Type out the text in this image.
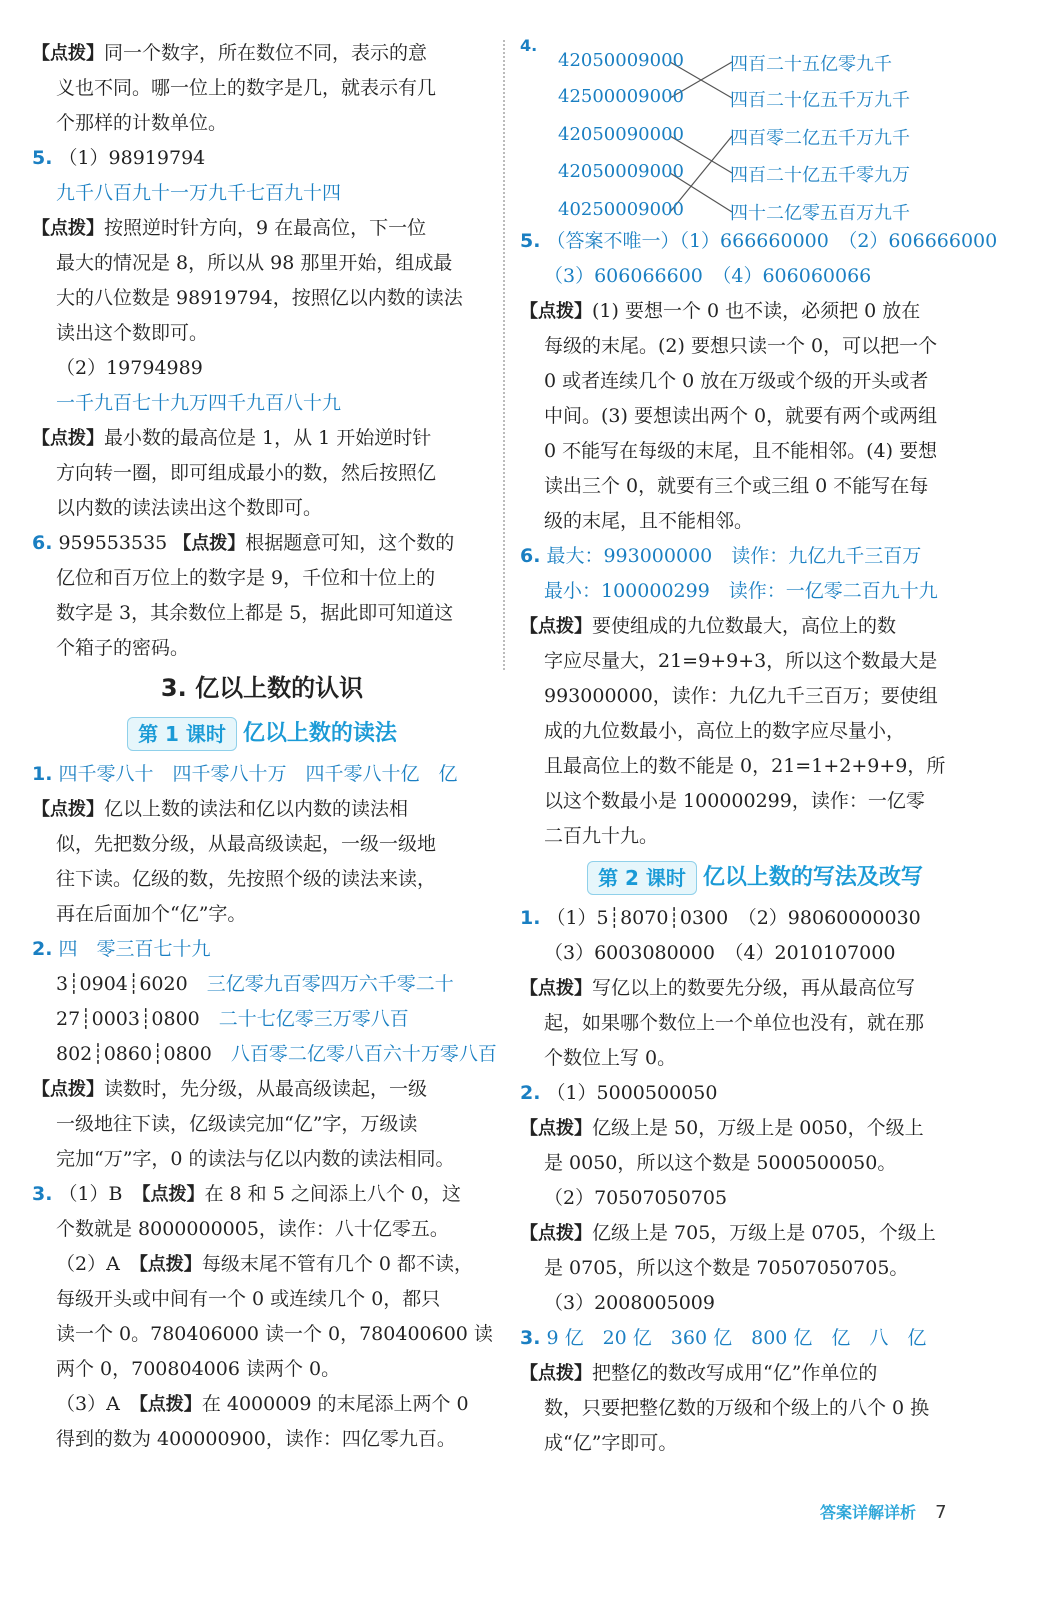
【点拨】同一个数字，所在数位不同，表示的意
义也不同。哪一位上的数字是几，就表示有几
个那样的计数单位。
5. （1）98919794
九千八百九十一万九千七百九十四
【点拨】按照逆时针方向，9 在最高位，下一位
最大的情况是 8，所以从 98 那里开始，组成最
大的八位数是 98919794，按照亿以内数的读法
读出这个数即可。
（2）19794989
一千九百七十九万四千九百八十九
【点拨】最小数的最高位是 1，从 1 开始逆时针
方向转一圈，即可组成最小的数，然后按照亿
以内数的读法读出这个数即可。
6. 959553535 【点拨】根据题意可知，这个数的
亿位和百万位上的数字是 9，千位和十位上的
数字是 3，其余数位上都是 5，据此即可知道这
个箱子的密码。
3. 亿以上数的认识
第 1 课时 亿以上数的读法
1. 四千零八十　四千零八十万　四千零八十亿　亿
【点拨】亿以上数的读法和亿以内数的读法相
似，先把数分级，从最高级读起，一级一级地
往下读。亿级的数，先按照个级的读法来读，
再在后面加个“亿”字。
2. 四　零三百七十九
3┊0904┊6020　三亿零九百零四万六千零二十
27┊0003┊0800　二十七亿零三万零八百
802┊0860┊0800　八百零二亿零八百六十万零八百
【点拨】读数时，先分级，从最高级读起，一级
一级地往下读，亿级读完加“亿”字，万级读
完加“万”字，0 的读法与亿以内数的读法相同。
3. （1）B　【点拨】在 8 和 5 之间添上八个 0，这
个数就是 8000000005，读作：八十亿零五。
（2）A　【点拨】每级末尾不管有几个 0 都不读，
每级开头或中间有一个 0 或连续几个 0，都只
读一个 0。780406000 读一个 0，780400600 读
两个 0，700804006 读两个 0。
（3）A　【点拨】在 4000009 的末尾添上两个 0
得到的数为 400000900，读作：四亿零九百。
4.
42050009000
42500009000
42050090000
42050009000
40250009000
四百二十五亿零九千
四百二十亿五千万九千
四百零二亿五千万九千
四百二十亿五千零九万
四十二亿零五百万九千
5. （答案不唯一）（1）666660000　（2）606666000
（3）606066600　（4）606060066
【点拨】(1) 要想一个 0 也不读，必须把 0 放在
每级的末尾。(2) 要想只读一个 0，可以把一个
0 或者连续几个 0 放在万级或个级的开头或者
中间。(3) 要想读出两个 0，就要有两个或两组
0 不能写在每级的末尾，且不能相邻。(4) 要想
读出三个 0，就要有三个或三组 0 不能写在每
级的末尾，且不能相邻。
6. 最大：993000000　读作：九亿九千三百万
最小：100000299　读作：一亿零二百九十九
【点拨】要使组成的九位数最大，高位上的数
字应尽量大，21=9+9+3，所以这个数最大是
993000000，读作：九亿九千三百万；要使组
成的九位数最小，高位上的数字应尽量小，
且最高位上的数不能是 0，21=1+2+9+9，所
以这个数最小是 100000299，读作：一亿零
二百九十九。
第 2 课时 亿以上数的写法及改写
1. （1）5┊8070┊0300　（2）98060000030
（3）6003080000　（4）2010107000
【点拨】写亿以上的数要先分级，再从最高位写
起，如果哪个数位上一个单位也没有，就在那
个数位上写 0。
2. （1）5000500050
【点拨】亿级上是 50，万级上是 0050，个级上
是 0050，所以这个数是 5000500050。
（2）70507050705
【点拨】亿级上是 705，万级上是 0705，个级上
是 0705，所以这个数是 70507050705。
（3）2008005009
3. 9 亿　20 亿　360 亿　800 亿　亿　八　亿
【点拨】把整亿的数改写成用“亿”作单位的
数，只要把整亿数的万级和个级上的八个 0 换
成“亿”字即可。
答案详解详析 7
